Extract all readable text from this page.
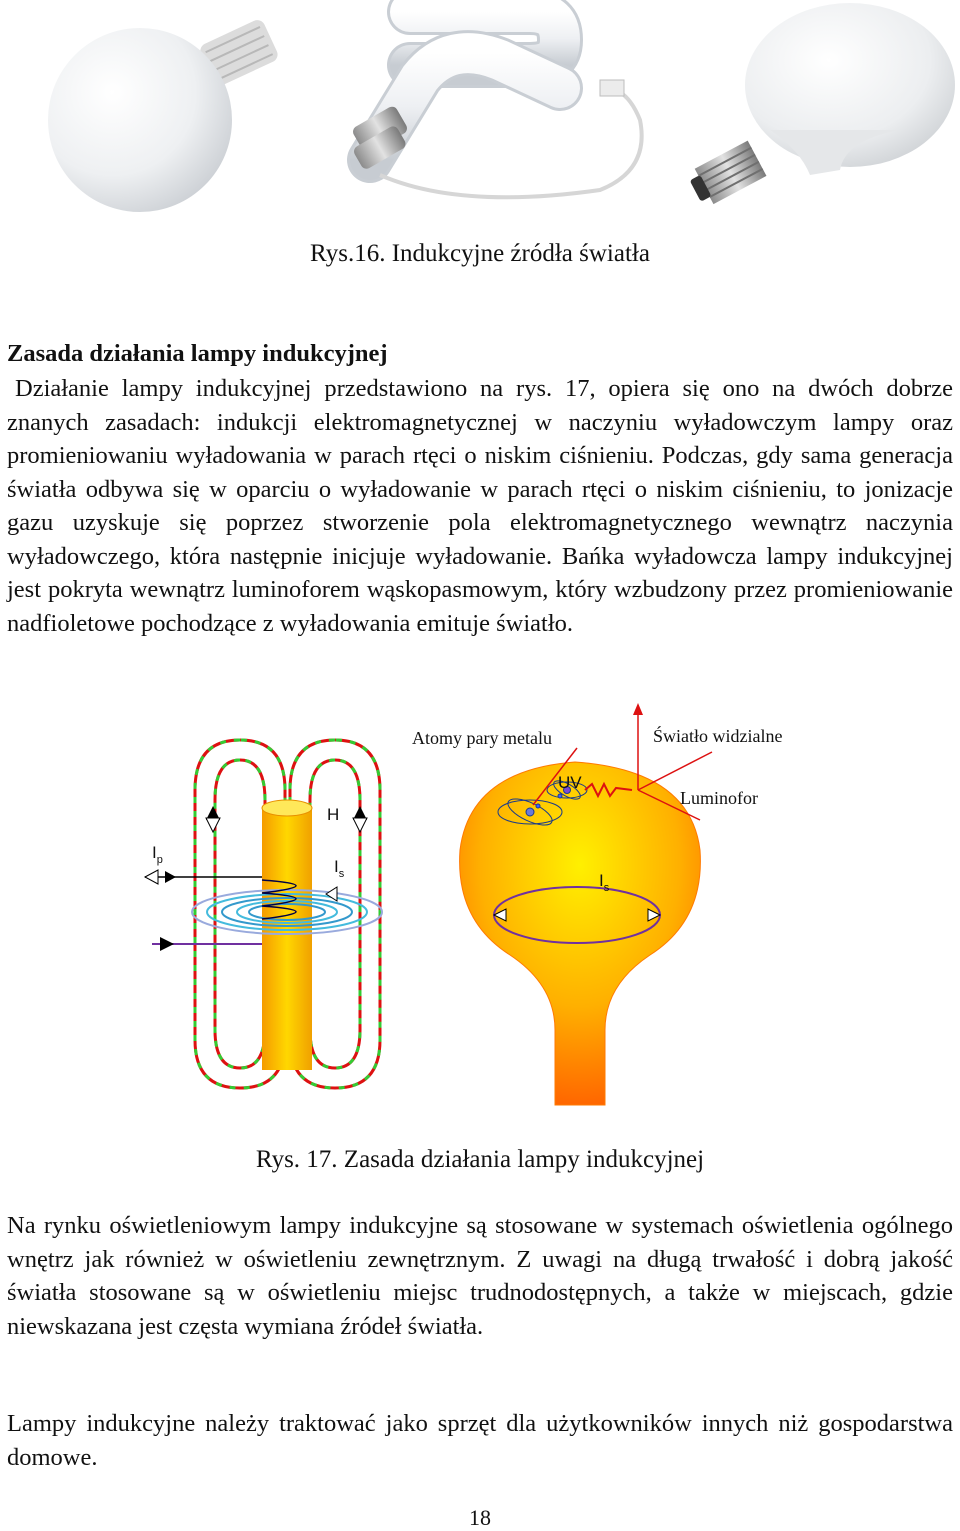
Rys.16. Indukcyjne źródła światła
Zasada działania lampy indukcyjnej
Działanie lampy indukcyjnej przedstawiono na rys. 17, opiera się ono na dwóch dobrze znanych zasadach: indukcji elektromagnetycznej w naczyniu wyładowczym lampy oraz promieniowaniu wyładowania w parach rtęci o niskim ciśnieniu. Podczas, gdy sama generacja światła odbywa się w oparciu o wyładowanie w parach rtęci o niskim ciśnieniu, to jonizacje gazu uzyskuje się poprzez stworzenie pola elektromagnetycznego wewnątrz naczynia wyładowczego, która następnie inicjuje wyładowanie. Bańka wyładowcza lampy indukcyjnej jest pokryta wewnątrz luminoforem wąskopasmowym, który wzbudzony przez promieniowanie nadfioletowe pochodzące z wyładowania emituje światło.
Atomy pary metalu	Światło widzialne
Luminofor
UV
H
$I_p$	$I_s$	$I_s$
Rys. 17. Zasada działania lampy indukcyjnej
Na rynku oświetleniowym lampy indukcyjne są stosowane w systemach oświetlenia ogólnego wnętrz jak również w oświetleniu zewnętrznym. Z uwagi na długą trwałość i dobrą jakość światła stosowane są w oświetleniu miejsc trudnodostępnych, a także w miejscach, gdzie niewskazana jest częsta wymiana źródeł światła.
Lampy indukcyjne należy traktować jako sprzęt dla użytkowników innych niż gospodarstwa domowe.
18
